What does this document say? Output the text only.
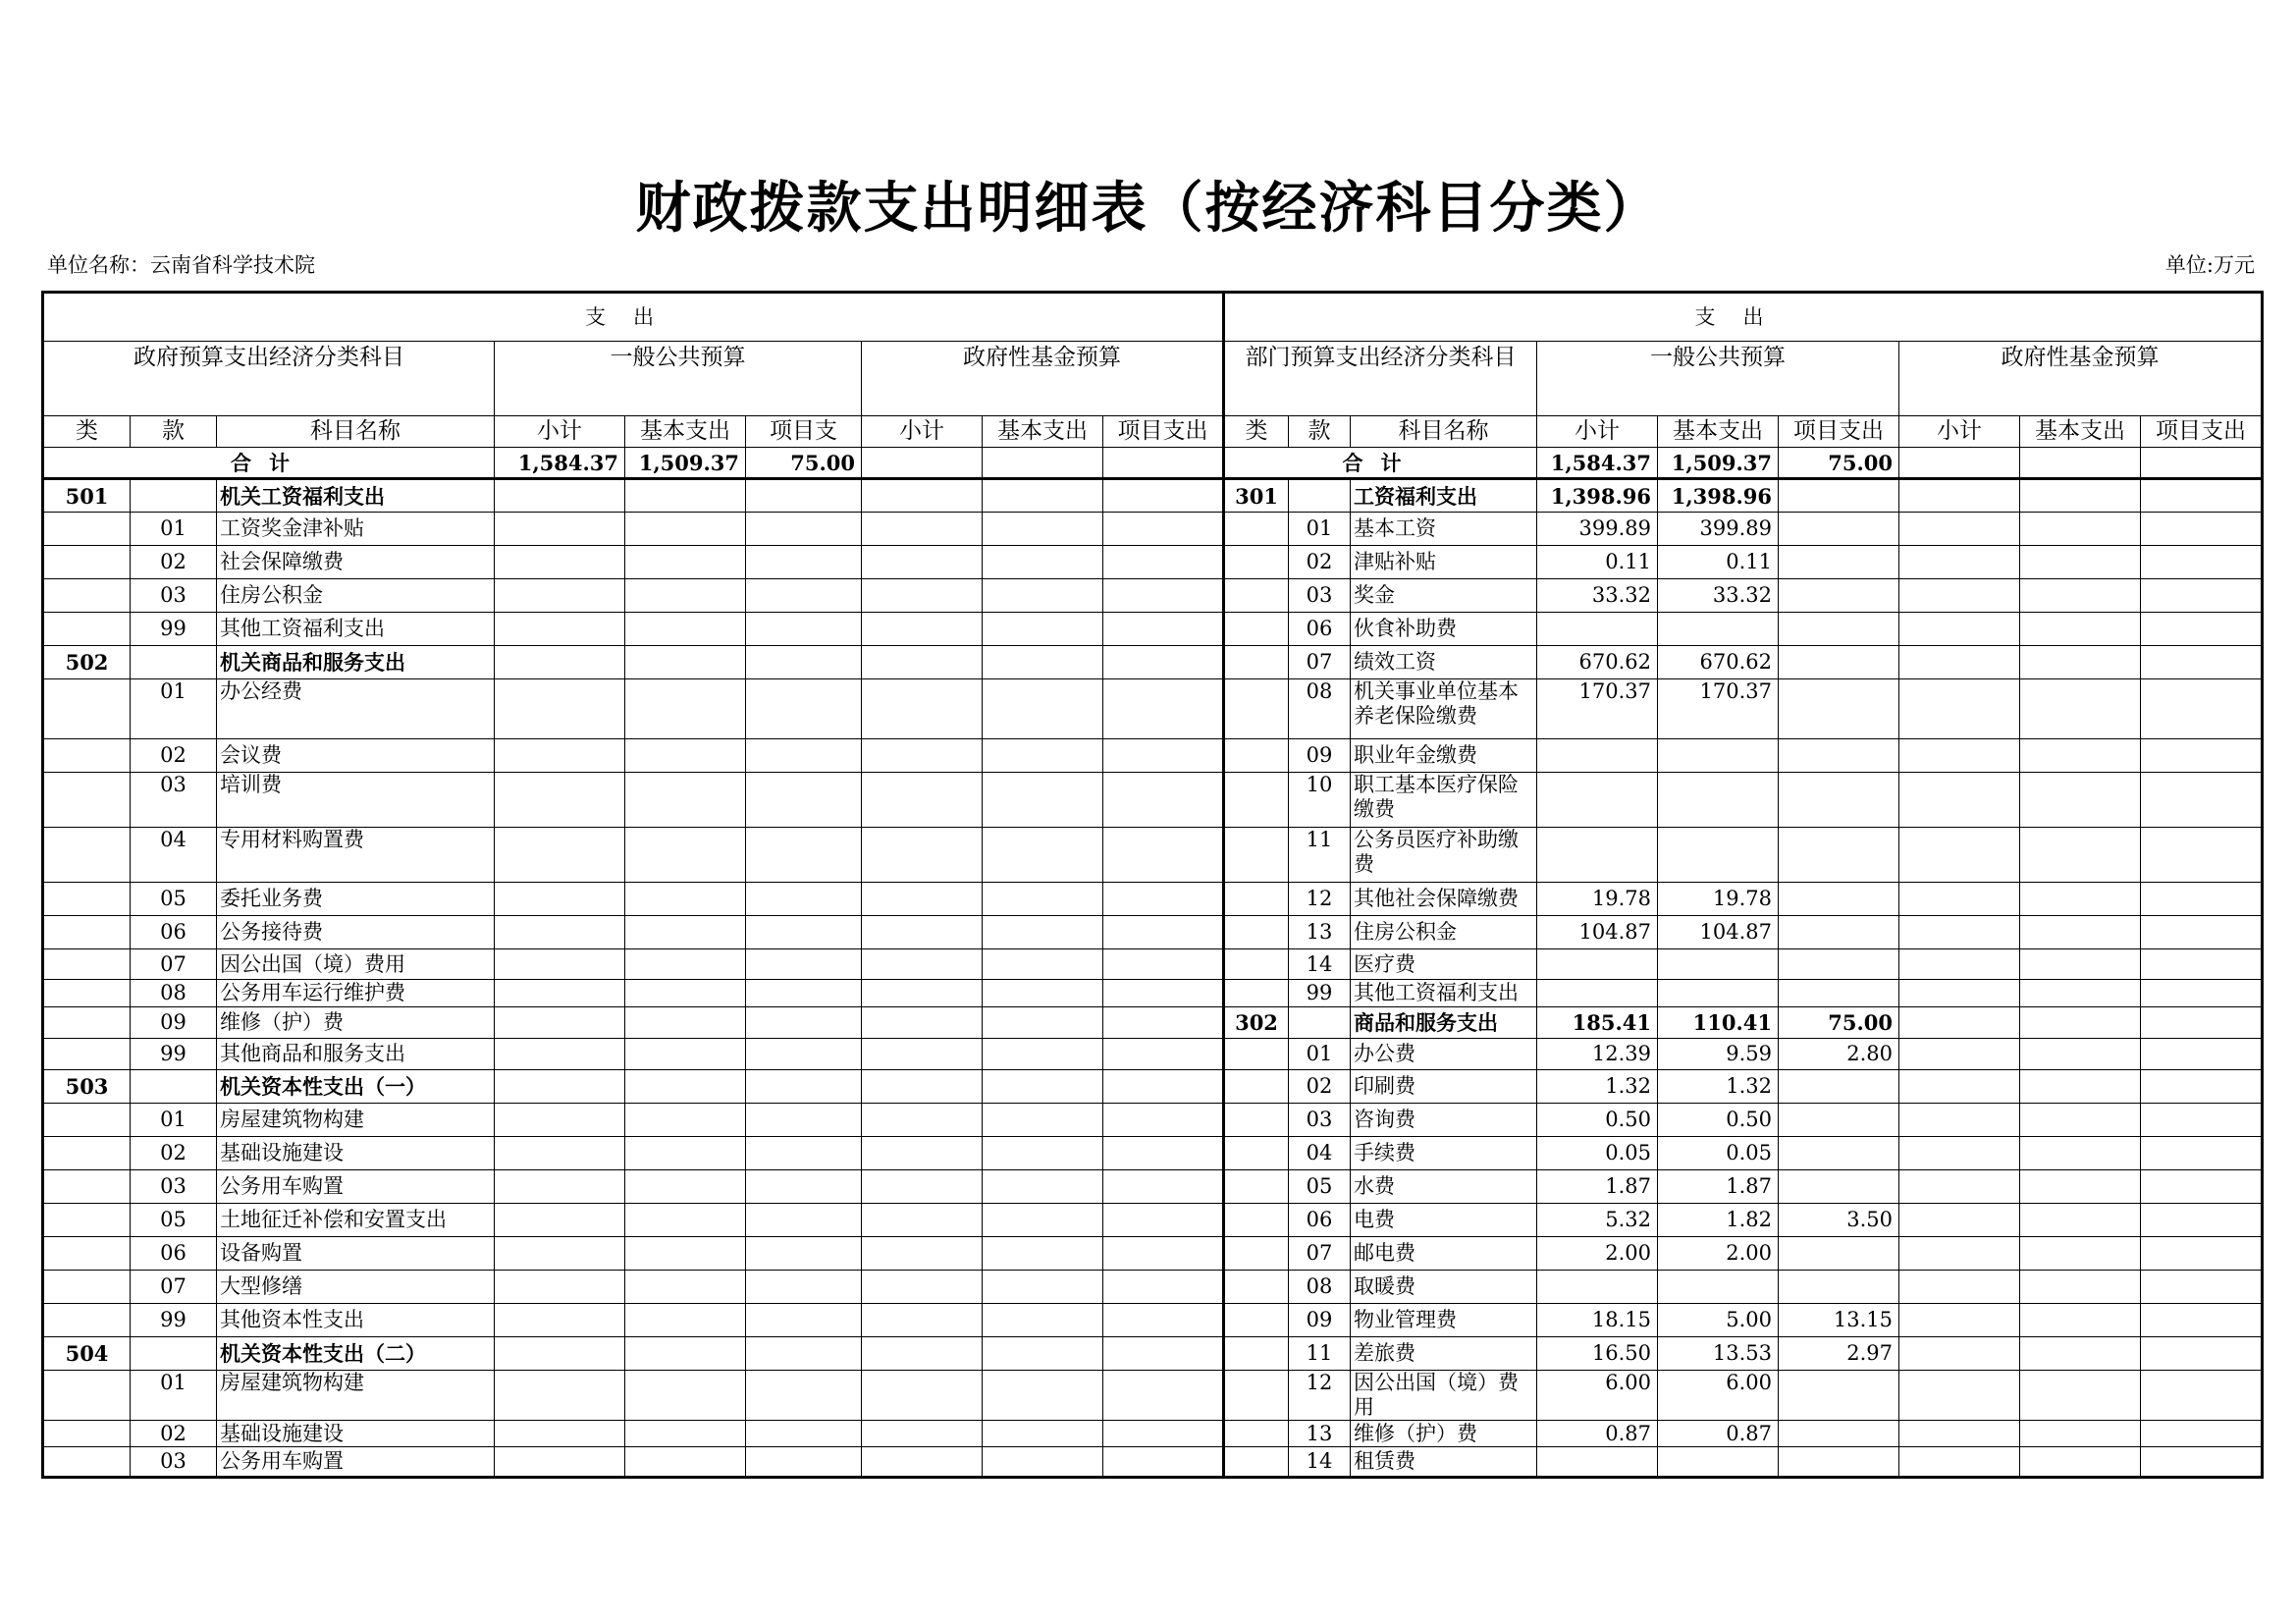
财政拨款支出明细表（按经济科目分类）
单位名称：云南省科学技术院	单位:万元
支出									支出								
政府预算支出经济分类科目			一般公共预算			政府性基金预算			部门预算支出经济分类科目			一般公共预算			政府性基金预算		
类	款	科目名称	小计	基本支出	项目支	小计	基本支出	项目支出	类	款	科目名称	小计	基本支出	项目支出	小计	基本支出	项目支出
合计			1,584.37	1,509.37	75.00				合计			1,584.37	1,509.37	75.00			
501		机关工资福利支出							301		工资福利支出	1,398.96	1,398.96				
	01	工资奖金津补贴								01	基本工资	399.89	399.89				
	02	社会保障缴费								02	津贴补贴	0.11	0.11				
	03	住房公积金								03	奖金	33.32	33.32				
	99	其他工资福利支出								06	伙食补助费						
502		机关商品和服务支出								07	绩效工资	670.62	670.62				
	01	办公经费								08	机关事业单位基本养老保险缴费	170.37	170.37				
	02	会议费								09	职业年金缴费						
	03	培训费								10	职工基本医疗保险缴费						
	04	专用材料购置费								11	公务员医疗补助缴费						
	05	委托业务费								12	其他社会保障缴费	19.78	19.78				
	06	公务接待费								13	住房公积金	104.87	104.87				
	07	因公出国（境）费用								14	医疗费						
	08	公务用车运行维护费								99	其他工资福利支出						
	09	维修（护）费							302		商品和服务支出	185.41	110.41	75.00			
	99	其他商品和服务支出								01	办公费	12.39	9.59	2.80			
503		机关资本性支出（一）								02	印刷费	1.32	1.32				
	01	房屋建筑物构建								03	咨询费	0.50	0.50				
	02	基础设施建设								04	手续费	0.05	0.05				
	03	公务用车购置								05	水费	1.87	1.87				
	05	土地征迁补偿和安置支出								06	电费	5.32	1.82	3.50			
	06	设备购置								07	邮电费	2.00	2.00				
	07	大型修缮								08	取暖费						
	99	其他资本性支出								09	物业管理费	18.15	5.00	13.15			
504		机关资本性支出（二）								11	差旅费	16.50	13.53	2.97			
	01	房屋建筑物构建								12	因公出国（境）费用	6.00	6.00				
	02	基础设施建设								13	维修（护）费	0.87	0.87				
	03	公务用车购置								14	租赁费						
